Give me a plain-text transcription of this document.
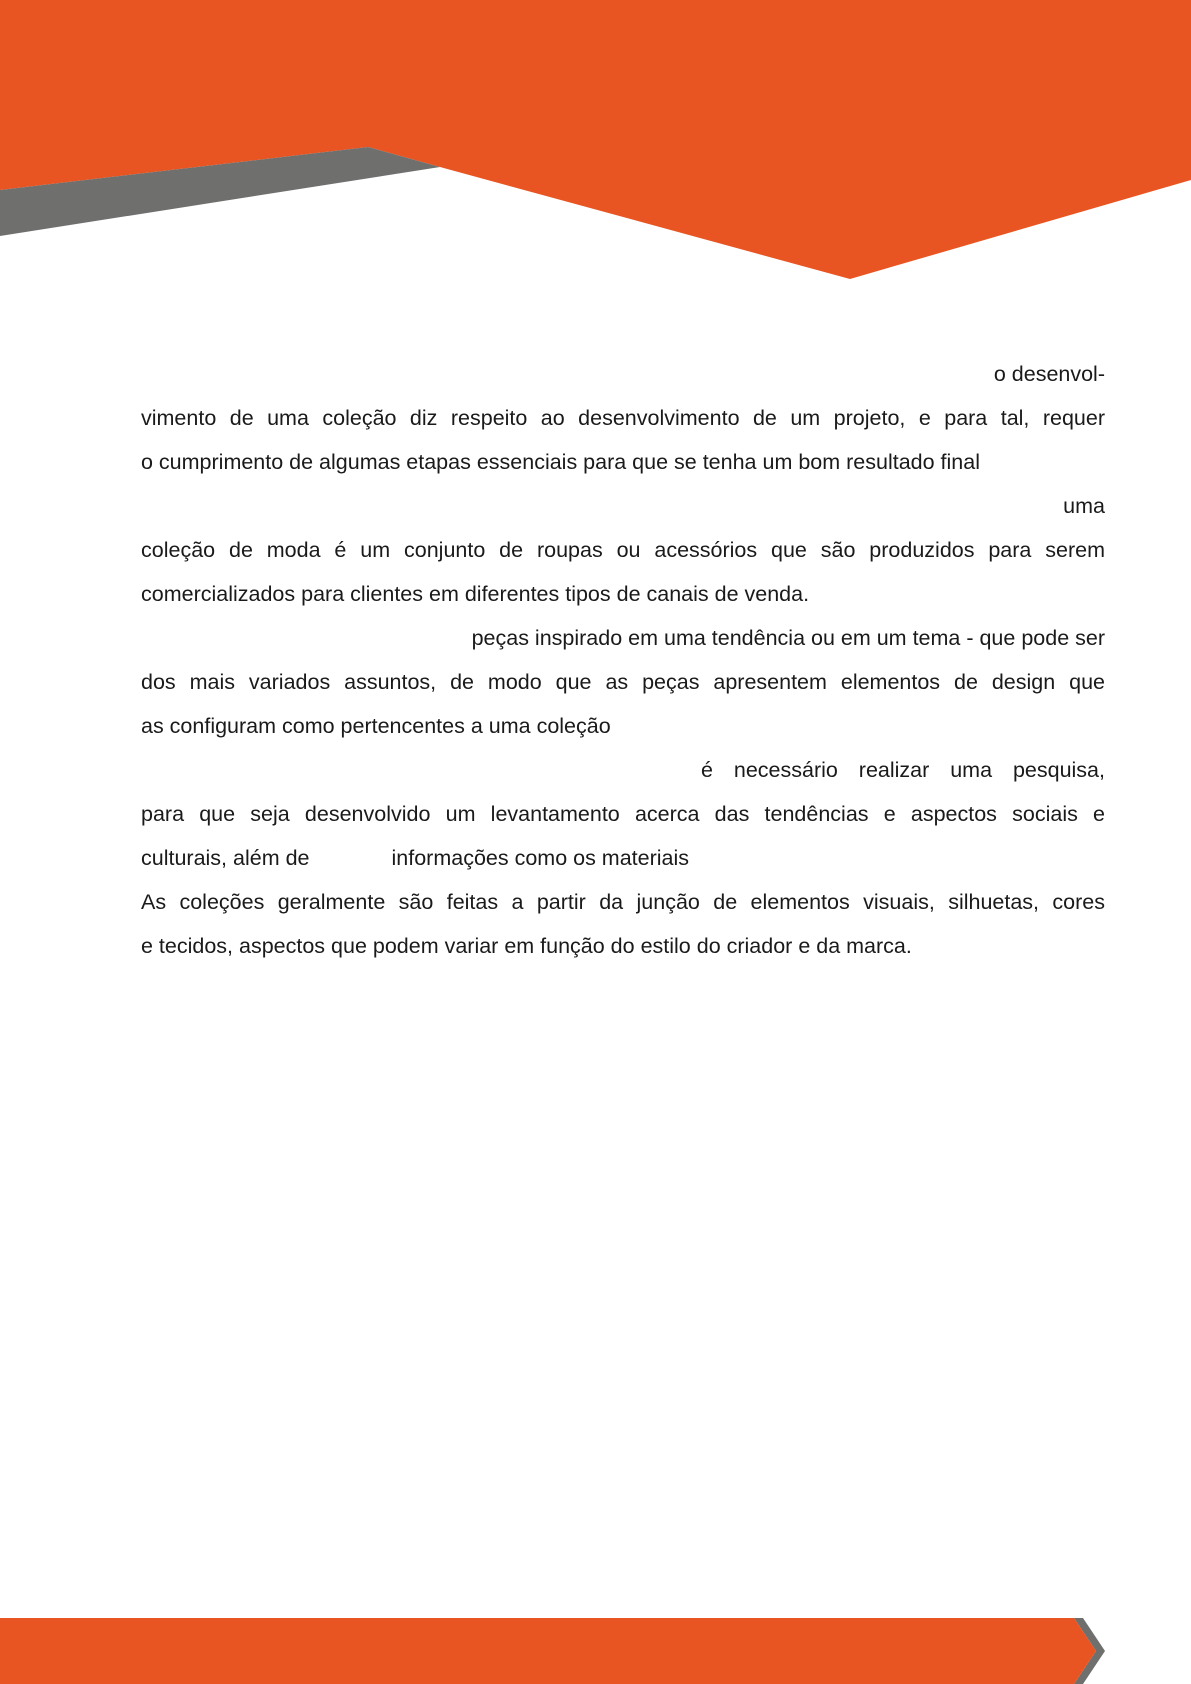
o desenvol-
vimento de uma coleção diz respeito ao desenvolvimento de um projeto, e para tal, requer
o cumprimento de algumas etapas essenciais para que se tenha um bom resultado final
uma
coleção de moda é um conjunto de roupas ou acessórios que são produzidos para serem
comercializados para clientes em diferentes tipos de canais de venda.
peças inspirado em uma tendência ou em um tema - que pode ser
dos mais variados assuntos, de modo que as peças apresentem elementos de design que
as configuram como pertencentes a uma coleção
é necessário realizar uma pesquisa,
para que seja desenvolvido um levantamento acerca das tendências e aspectos sociais e
culturais, além de	informações como os materiais
As coleções geralmente são feitas a partir da junção de elementos visuais, silhuetas, cores
e tecidos, aspectos que podem variar em função do estilo do criador e da marca.
